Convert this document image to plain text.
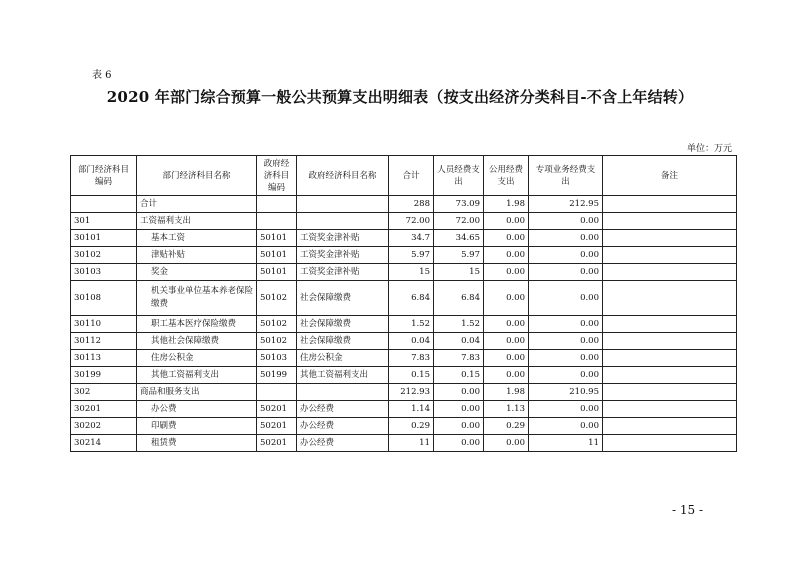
表 6
2020 年部门综合预算一般公共预算支出明细表（按支出经济分类科目-不含上年结转）
单位：万元
部门经济科目编码	部门经济科目名称	政府经济科目编码	政府经济科目名称	合计	人员经费支出	公用经费支出	专项业务经费支出	备注

	合计			288	73.09	1.98	212.95	
301	工资福利支出			72.00	72.00	0.00	0.00	
30101	基本工资	50101	工资奖金津补贴	34.7	34.65	0.00	0.00	
30102	津贴补贴	50101	工资奖金津补贴	5.97	5.97	0.00	0.00	
30103	奖金	50101	工资奖金津补贴	15	15	0.00	0.00	
30108	机关事业单位基本养老保险缴费	50102	社会保障缴费	6.84	6.84	0.00	0.00	
30110	职工基本医疗保险缴费	50102	社会保障缴费	1.52	1.52	0.00	0.00	
30112	其他社会保障缴费	50102	社会保障缴费	0.04	0.04	0.00	0.00	
30113	住房公积金	50103	住房公积金	7.83	7.83	0.00	0.00	
30199	其他工资福利支出	50199	其他工资福利支出	0.15	0.15	0.00	0.00	
302	商品和服务支出			212.93	0.00	1.98	210.95	
30201	办公费	50201	办公经费	1.14	0.00	1.13	0.00	
30202	印刷费	50201	办公经费	0.29	0.00	0.29	0.00	
30214	租赁费	50201	办公经费	11	0.00	0.00	11	
- 15 -
